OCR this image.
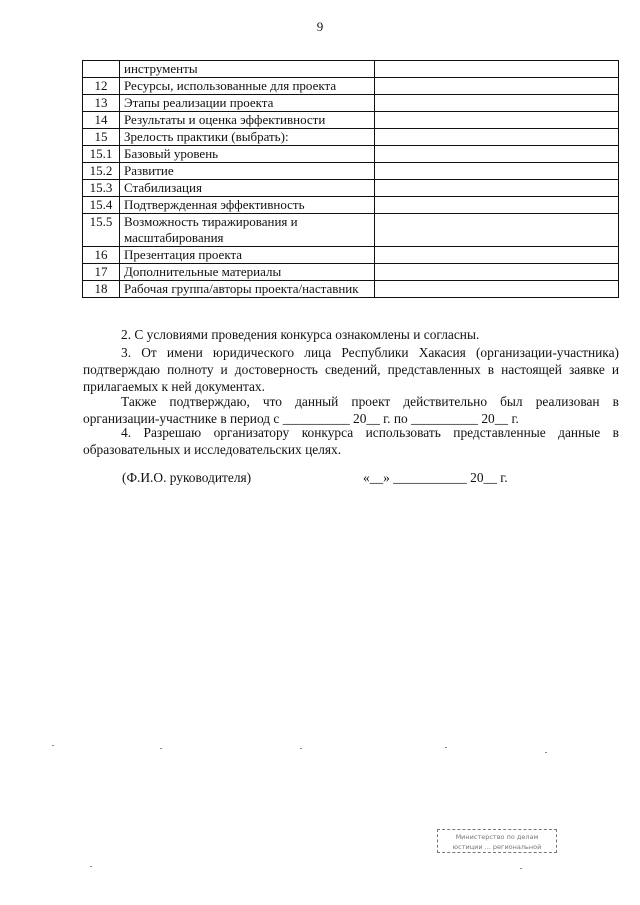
9
	инструменты	
12	Ресурсы, использованные для проекта	
13	Этапы реализации проекта	
14	Результаты и оценка эффективности	
15	Зрелость практики (выбрать):	
15.1	Базовый уровень	
15.2	Развитие	
15.3	Стабилизация	
15.4	Подтвержденная эффективность	
15.5	Возможность тиражирования и масштабирования	
16	Презентация проекта	
17	Дополнительные материалы	
18	Рабочая группа/авторы проекта/наставник	

2. С условиями проведения конкурса ознакомлены и согласны.

3. От имени юридического лица Республики Хакасия (организации-участника) подтверждаю полноту и достоверность сведений, представленных в настоящей заявке и прилагаемых к ней документах.

Также подтверждаю, что данный проект действительно был реализован в организации-участнике в период с __________ 20__ г. по __________ 20__ г.

4. Разрешаю организатору конкурса использовать представленные данные в образовательных и исследовательских целях.

(Ф.И.О. руководителя)	«__» ___________ 20__ г.
Министерство по делам
юстиции ... региональной
